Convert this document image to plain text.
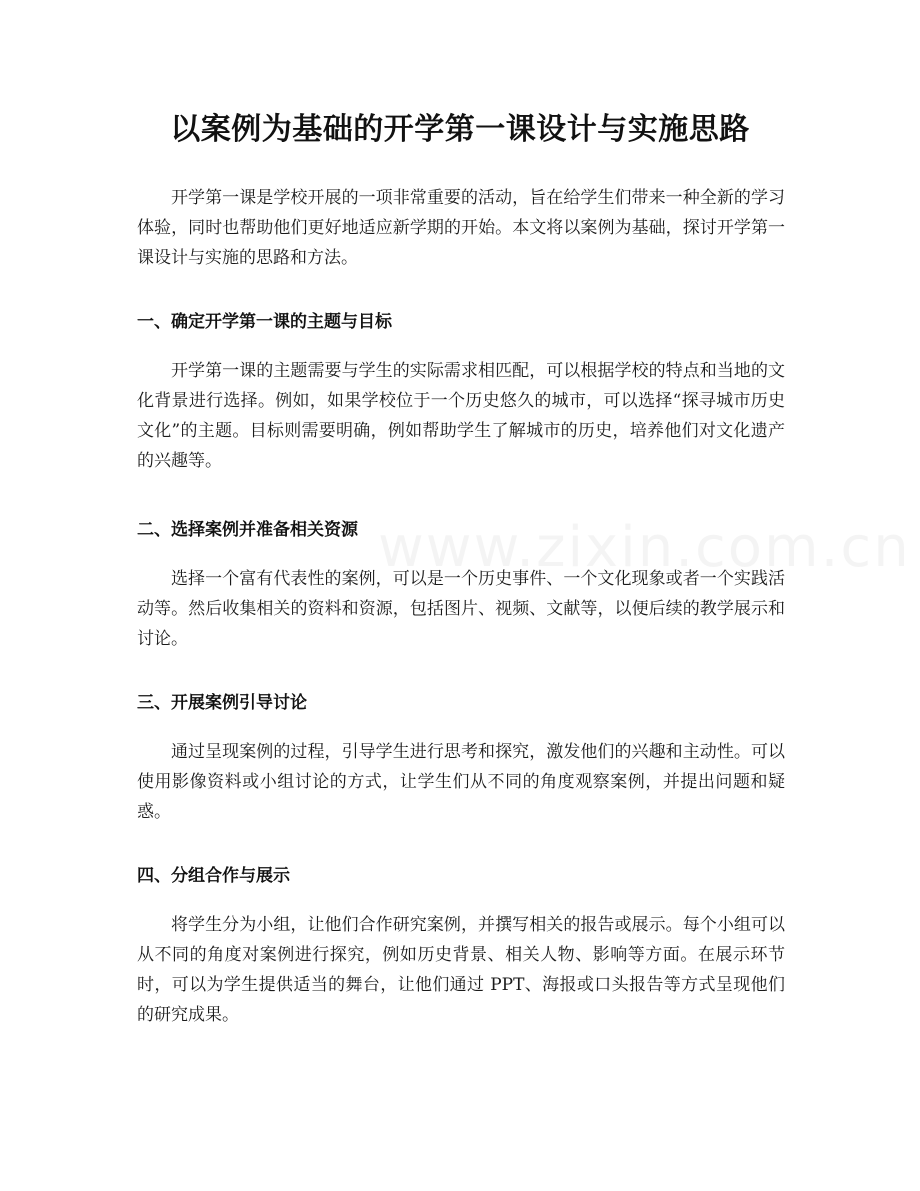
以案例为基础的开学第一课设计与实施思路

开学第一课是学校开展的一项非常重要的活动，旨在给学生们带来一种全新的学习体验，同时也帮助他们更好地适应新学期的开始。本文将以案例为基础，探讨开学第一课设计与实施的思路和方法。

一、确定开学第一课的主题与目标

开学第一课的主题需要与学生的实际需求相匹配，可以根据学校的特点和当地的文化背景进行选择。例如，如果学校位于一个历史悠久的城市，可以选择“探寻城市历史文化”的主题。目标则需要明确，例如帮助学生了解城市的历史，培养他们对文化遗产的兴趣等。

二、选择案例并准备相关资源

选择一个富有代表性的案例，可以是一个历史事件、一个文化现象或者一个实践活动等。然后收集相关的资料和资源，包括图片、视频、文献等，以便后续的教学展示和讨论。

三、开展案例引导讨论

通过呈现案例的过程，引导学生进行思考和探究，激发他们的兴趣和主动性。可以使用影像资料或小组讨论的方式，让学生们从不同的角度观察案例，并提出问题和疑惑。

四、分组合作与展示

将学生分为小组，让他们合作研究案例，并撰写相关的报告或展示。每个小组可以从不同的角度对案例进行探究，例如历史背景、相关人物、影响等方面。在展示环节时，可以为学生提供适当的舞台，让他们通过 PPT、海报或口头报告等方式呈现他们的研究成果。
